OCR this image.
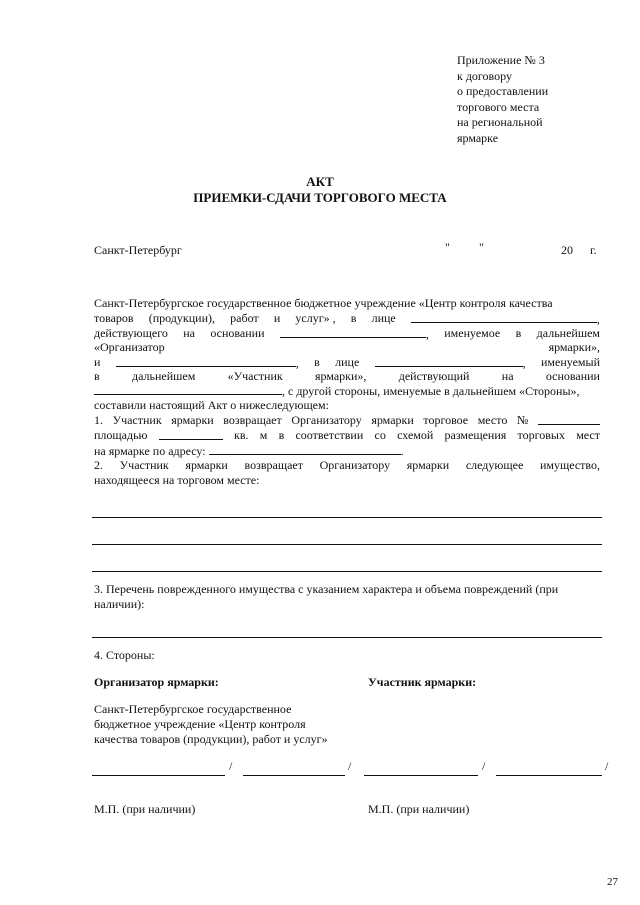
Приложение № 3
к договору
о предоставлении
торгового места
на региональной
ярмарке
АКТ
ПРИЕМКИ-СДАЧИ ТОРГОВОГО МЕСТА
Санкт-Петербург	" "	20 г.
Санкт-Петербургское государственное бюджетное учреждение «Центр контроля качества
товаров (продукции), работ и услуг» , в лице	,
действующего на основании	, именуемое в дальнейшем
«Организатор	ярмарки»,
и	, в лице	, именуемый
в	дальнейшем	«Участник	ярмарки»,	действующий	на	основании
, с другой стороны, именуемые в дальнейшем «Стороны»,
составили настоящий Акт о нижеследующем:
1. Участник ярмарки возвращает Организатору ярмарки торговое место №
площадью	кв. м в соответствии со схемой размещения торговых мест
на ярмарке по адресу:	.
2. Участник ярмарки возвращает Организатору ярмарки следующее имущество,
находящееся на торговом месте:
3. Перечень поврежденного имущества с указанием характера и объема повреждений (при
наличии):
4. Стороны:
Организатор ярмарки:	Участник ярмарки:
Санкт-Петербургское государственное
бюджетное учреждение «Центр контроля
качества товаров (продукции), работ и услуг»
/	/	/	/
М.П. (при наличии)	М.П. (при наличии)
27
